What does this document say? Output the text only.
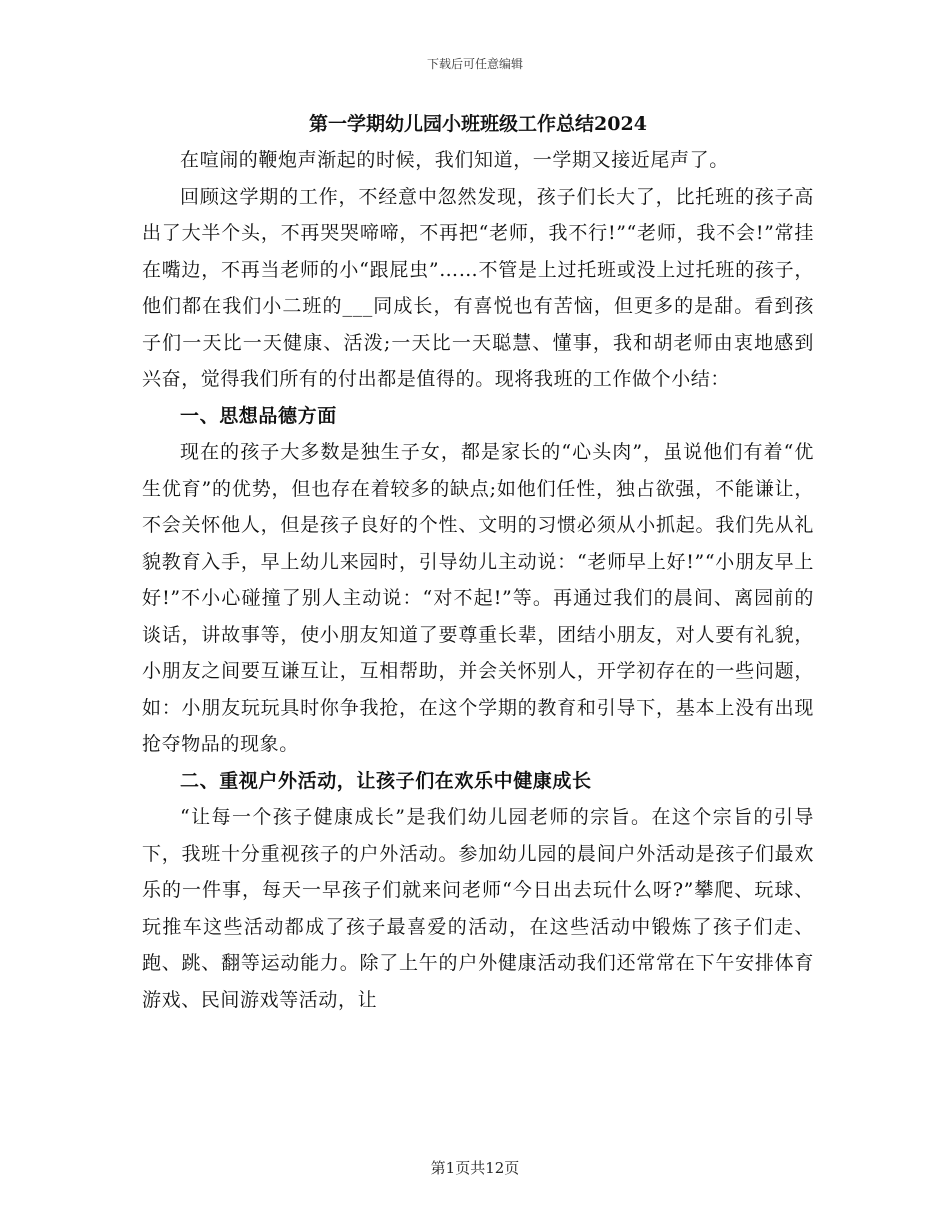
下载后可任意编辑
第一学期幼儿园小班班级工作总结2024

在喧闹的鞭炮声渐起的时候，我们知道，一学期又接近尾声了。

回顾这学期的工作，不经意中忽然发现，孩子们长大了，比托班的孩子高出了大半个头，不再哭哭啼啼，不再把“老师，我不行!”“老师，我不会!”常挂在嘴边，不再当老师的小“跟屁虫”……不管是上过托班或没上过托班的孩子，他们都在我们小二班的___同成长，有喜悦也有苦恼，但更多的是甜。看到孩子们一天比一天健康、活泼;一天比一天聪慧、懂事，我和胡老师由衷地感到兴奋，觉得我们所有的付出都是值得的。现将我班的工作做个小结：

一、思想品德方面

现在的孩子大多数是独生子女，都是家长的“心头肉”，虽说他们有着“优生优育”的优势，但也存在着较多的缺点;如他们任性，独占欲强，不能谦让，不会关怀他人，但是孩子良好的个性、文明的习惯必须从小抓起。我们先从礼貌教育入手，早上幼儿来园时，引导幼儿主动说：“老师早上好!”“小朋友早上好!”不小心碰撞了别人主动说：“对不起!”等。再通过我们的晨间、离园前的谈话，讲故事等，使小朋友知道了要尊重长辈，团结小朋友，对人要有礼貌，小朋友之间要互谦互让，互相帮助，并会关怀别人，开学初存在的一些问题，如：小朋友玩玩具时你争我抢，在这个学期的教育和引导下，基本上没有出现抢夺物品的现象。

二、重视户外活动，让孩子们在欢乐中健康成长

“让每一个孩子健康成长”是我们幼儿园老师的宗旨。在这个宗旨的引导下，我班十分重视孩子的户外活动。参加幼儿园的晨间户外活动是孩子们最欢乐的一件事，每天一早孩子们就来问老师“今日出去玩什么呀?”攀爬、玩球、玩推车这些活动都成了孩子最喜爱的活动，在这些活动中锻炼了孩子们走、跑、跳、翻等运动能力。除了上午的户外健康活动我们还常常在下午安排体育游戏、民间游戏等活动，让

第1页共12页
